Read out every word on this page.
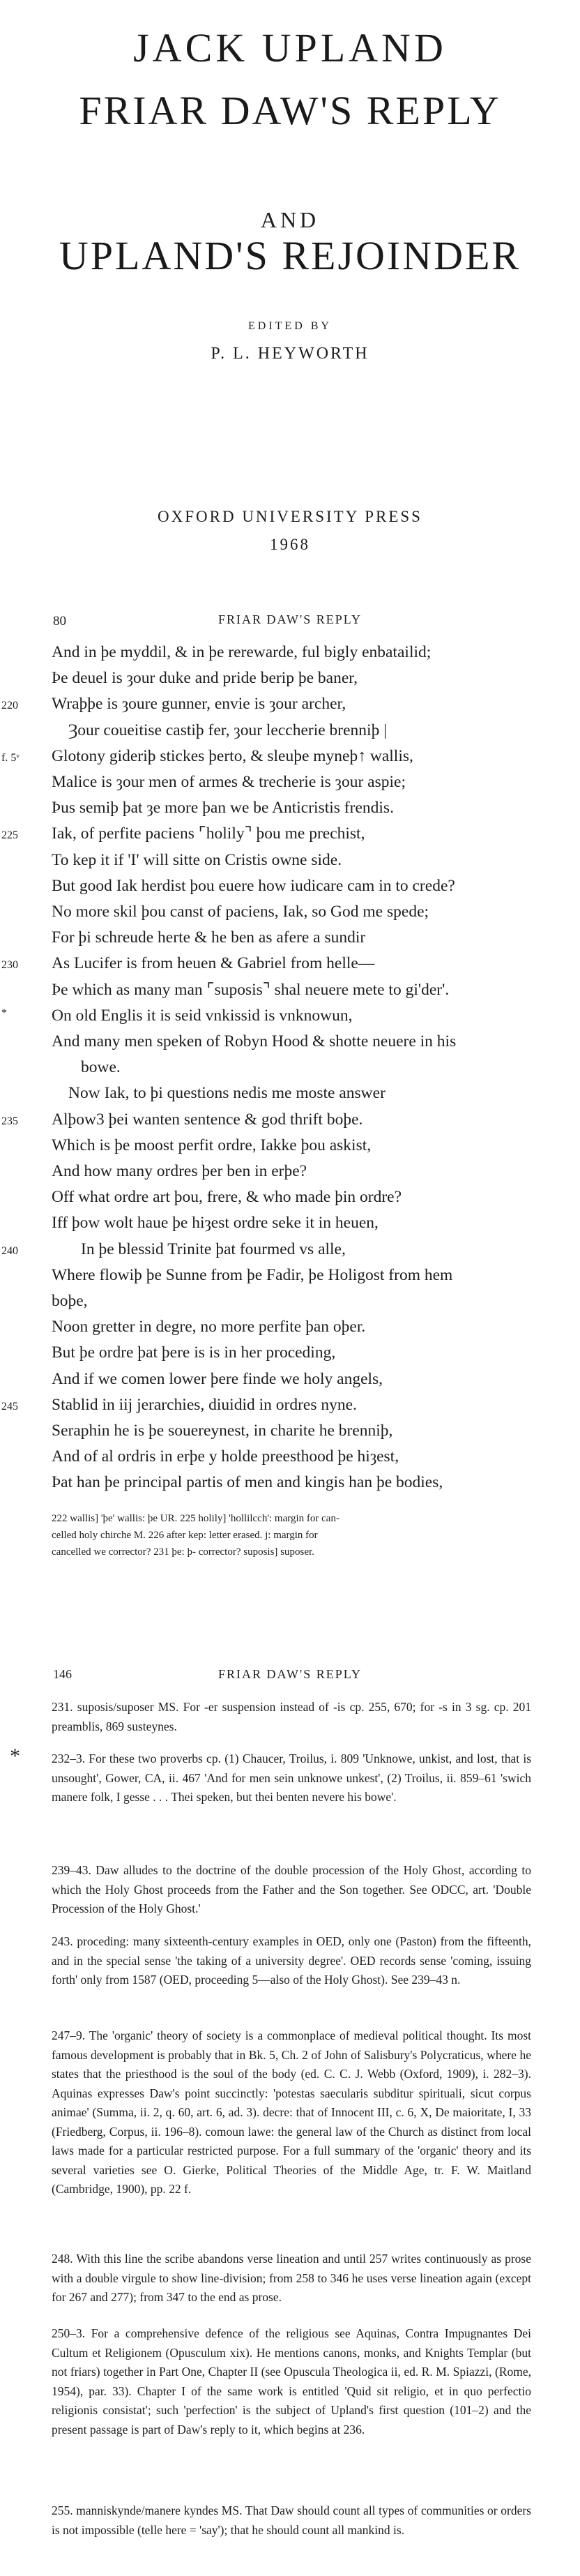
JACK UPLAND
FRIAR DAW'S REPLY
AND
UPLAND'S REJOINDER
EDITED BY
P. L. HEYWORTH
OXFORD UNIVERSITY PRESS
1968
80	FRIAR DAW'S REPLY
And in þe myddil, & in þe rerewarde, ful bigly enbatailid;
Þe deuel is ȝour duke and pride berip þe baner,
220	Wraþþe is ȝoure gunner, envie is ȝour archer,
Ȝour coueitise castiþ fer, ȝour leccherie brenniþ |
f. 5ᵛ	Glotony gideriþ stickes þerto, & sleuþe myneþ↑ wallis,
Malice is ȝour men of armes & trecherie is ȝour aspie;
Þus semiþ þat ȝe more þan we be Anticristis frendis.
225	Iak, of perfite paciens ⌜holily⌝ þou me prechist,
To kep it if 'I' will sitte on Cristis owne side.
But good Iak herdist þou euere how iudicare cam in to crede?
No more skil þou canst of paciens, Iak, so God me spede;
For þi schreude herte & he ben as afere a sundir
230	As Lucifer is from heuen & Gabriel from helle—
Þe which as many man ⌜suposis⌝ shal neuere mete to gi'der'.
*	On old Englis it is seid vnkissid is vnknowun,
And many men speken of Robyn Hood & shotte neuere in his
bowe.
Now Iak, to þi questions nedis me moste answer
235	Alþow3 þei wanten sentence & god thrift boþe.
Which is þe moost perfit ordre, Iakke þou askist,
And how many ordres þer ben in erþe?
Off what ordre art þou, frere, & who made þin ordre?
Iff þow wolt haue þe hiȝest ordre seke it in heuen,
240	In þe blessid Trinite þat fourmed vs alle,
Where flowiþ þe Sunne from þe Fadir, þe Holigost from hem
boþe,
Noon gretter in degre, no more perfite þan oþer.
But þe ordre þat þere is is in her proceding,
And if we comen lower þere finde we holy angels,
245	Stablid in iij jerarchies, diuidid in ordres nyne.
Seraphin he is þe souereynest, in charite he brenniþ,
And of al ordris in erþe y holde preesthood þe hiȝest,
Þat han þe principal partis of men and kingis han þe bodies,
222 wallis] 'þe' wallis: þe UR. 225 holily] 'hollilcch': margin for can-
celled holy chirche M. 226 after kep: letter erased. j: margin for
cancelled we corrector? 231 þe: þ- corrector? suposis] suposer.
146	FRIAR DAW'S REPLY

231. suposis/suposer MS. For -er suspension instead of -is cp. 255, 670; for -s in 3 sg. cp. 201 preamblis, 869 susteynes.

*	232–3. For these two proverbs cp. (1) Chaucer, Troilus, i. 809 'Unknowe, unkist, and lost, that is unsought', Gower, CA, ii. 467 'And for men sein unknowe unkest', (2) Troilus, ii. 859–61 'swich manere folk, I gesse . . . Thei speken, but thei benten nevere his bowe'.

239–43. Daw alludes to the doctrine of the double procession of the Holy Ghost, according to which the Holy Ghost proceeds from the Father and the Son together. See ODCC, art. 'Double Procession of the Holy Ghost.'

243. proceding: many sixteenth-century examples in OED, only one (Paston) from the fifteenth, and in the special sense 'the taking of a university degree'. OED records sense 'coming, issuing forth' only from 1587 (OED, proceeding 5—also of the Holy Ghost). See 239–43 n.

247–9. The 'organic' theory of society is a commonplace of medieval political thought. Its most famous development is probably that in Bk. 5, Ch. 2 of John of Salisbury's Polycraticus, where he states that the priesthood is the soul of the body (ed. C. C. J. Webb (Oxford, 1909), i. 282–3). Aquinas expresses Daw's point succinctly: 'potestas saecularis subditur spirituali, sicut corpus animae' (Summa, ii. 2, q. 60, art. 6, ad. 3). decre: that of Innocent III, c. 6, X, De maioritate, I, 33 (Friedberg, Corpus, ii. 196–8). comoun lawe: the general law of the Church as distinct from local laws made for a particular restricted purpose. For a full summary of the 'organic' theory and its several varieties see O. Gierke, Political Theories of the Middle Age, tr. F. W. Maitland (Cambridge, 1900), pp. 22 f.

248. With this line the scribe abandons verse lineation and until 257 writes continuously as prose with a double virgule to show line-division; from 258 to 346 he uses verse lineation again (except for 267 and 277); from 347 to the end as prose.

250–3. For a comprehensive defence of the religious see Aquinas, Contra Impugnantes Dei Cultum et Religionem (Opusculum xix). He mentions canons, monks, and Knights Templar (but not friars) together in Part One, Chapter II (see Opuscula Theologica ii, ed. R. M. Spiazzi, (Rome, 1954), par. 33). Chapter I of the same work is entitled 'Quid sit religio, et in quo perfectio religionis consistat'; such 'perfection' is the subject of Upland's first question (101–2) and the present passage is part of Daw's reply to it, which begins at 236.

255. manniskynde/manere kyndes MS. That Daw should count all types of communities or orders is not impossible (telle here = 'say'); that he should count all mankind is.
